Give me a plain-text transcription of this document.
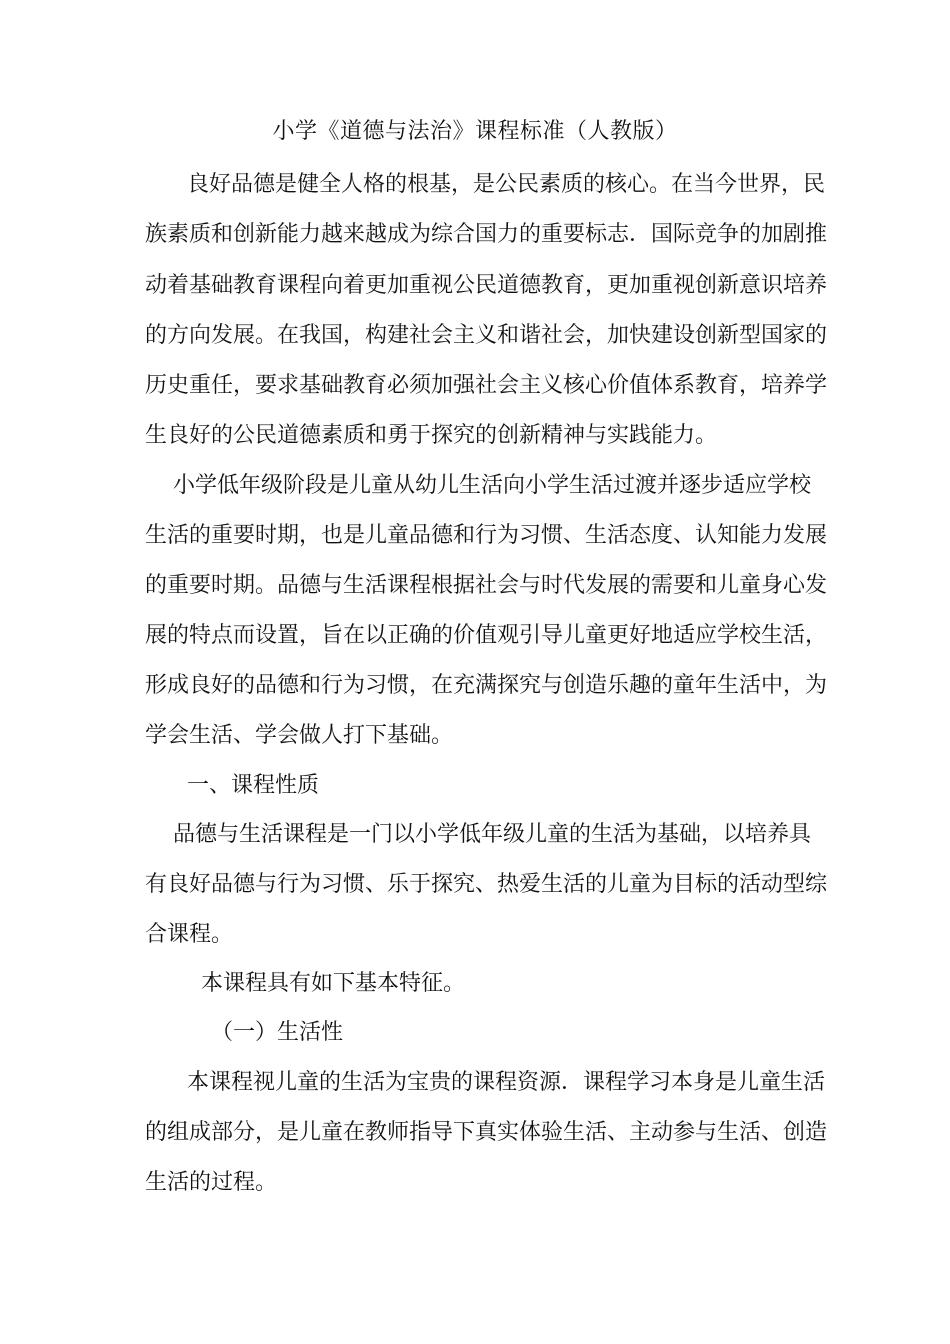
小学《道德与法治》课程标准（人教版）
良好品德是健全人格的根基，是公民素质的核心。在当今世界，民
族素质和创新能力越来越成为综合国力的重要标志．国际竞争的加剧推
动着基础教育课程向着更加重视公民道德教育，更加重视创新意识培养
的方向发展。在我国，构建社会主义和谐社会，加快建设创新型国家的
历史重任，要求基础教育必须加强社会主义核心价值体系教育，培养学
生良好的公民道德素质和勇于探究的创新精神与实践能力。
小学低年级阶段是儿童从幼儿生活向小学生活过渡并逐步适应学校
生活的重要时期，也是儿童品德和行为习惯、生活态度、认知能力发展
的重要时期。品德与生活课程根据社会与时代发展的需要和儿童身心发
展的特点而设置，旨在以正确的价值观引导儿童更好地适应学校生活，
形成良好的品德和行为习惯，在充满探究与创造乐趣的童年生活中，为
学会生活、学会做人打下基础。
一、课程性质
品德与生活课程是一门以小学低年级儿童的生活为基础，以培养具
有良好品德与行为习惯、乐于探究、热爱生活的儿童为目标的活动型综
合课程。
本课程具有如下基本特征。
（一）生活性
本课程视儿童的生活为宝贵的课程资源．课程学习本身是儿童生活
的组成部分，是儿童在教师指导下真实体验生活、主动参与生活、创造
生活的过程。
